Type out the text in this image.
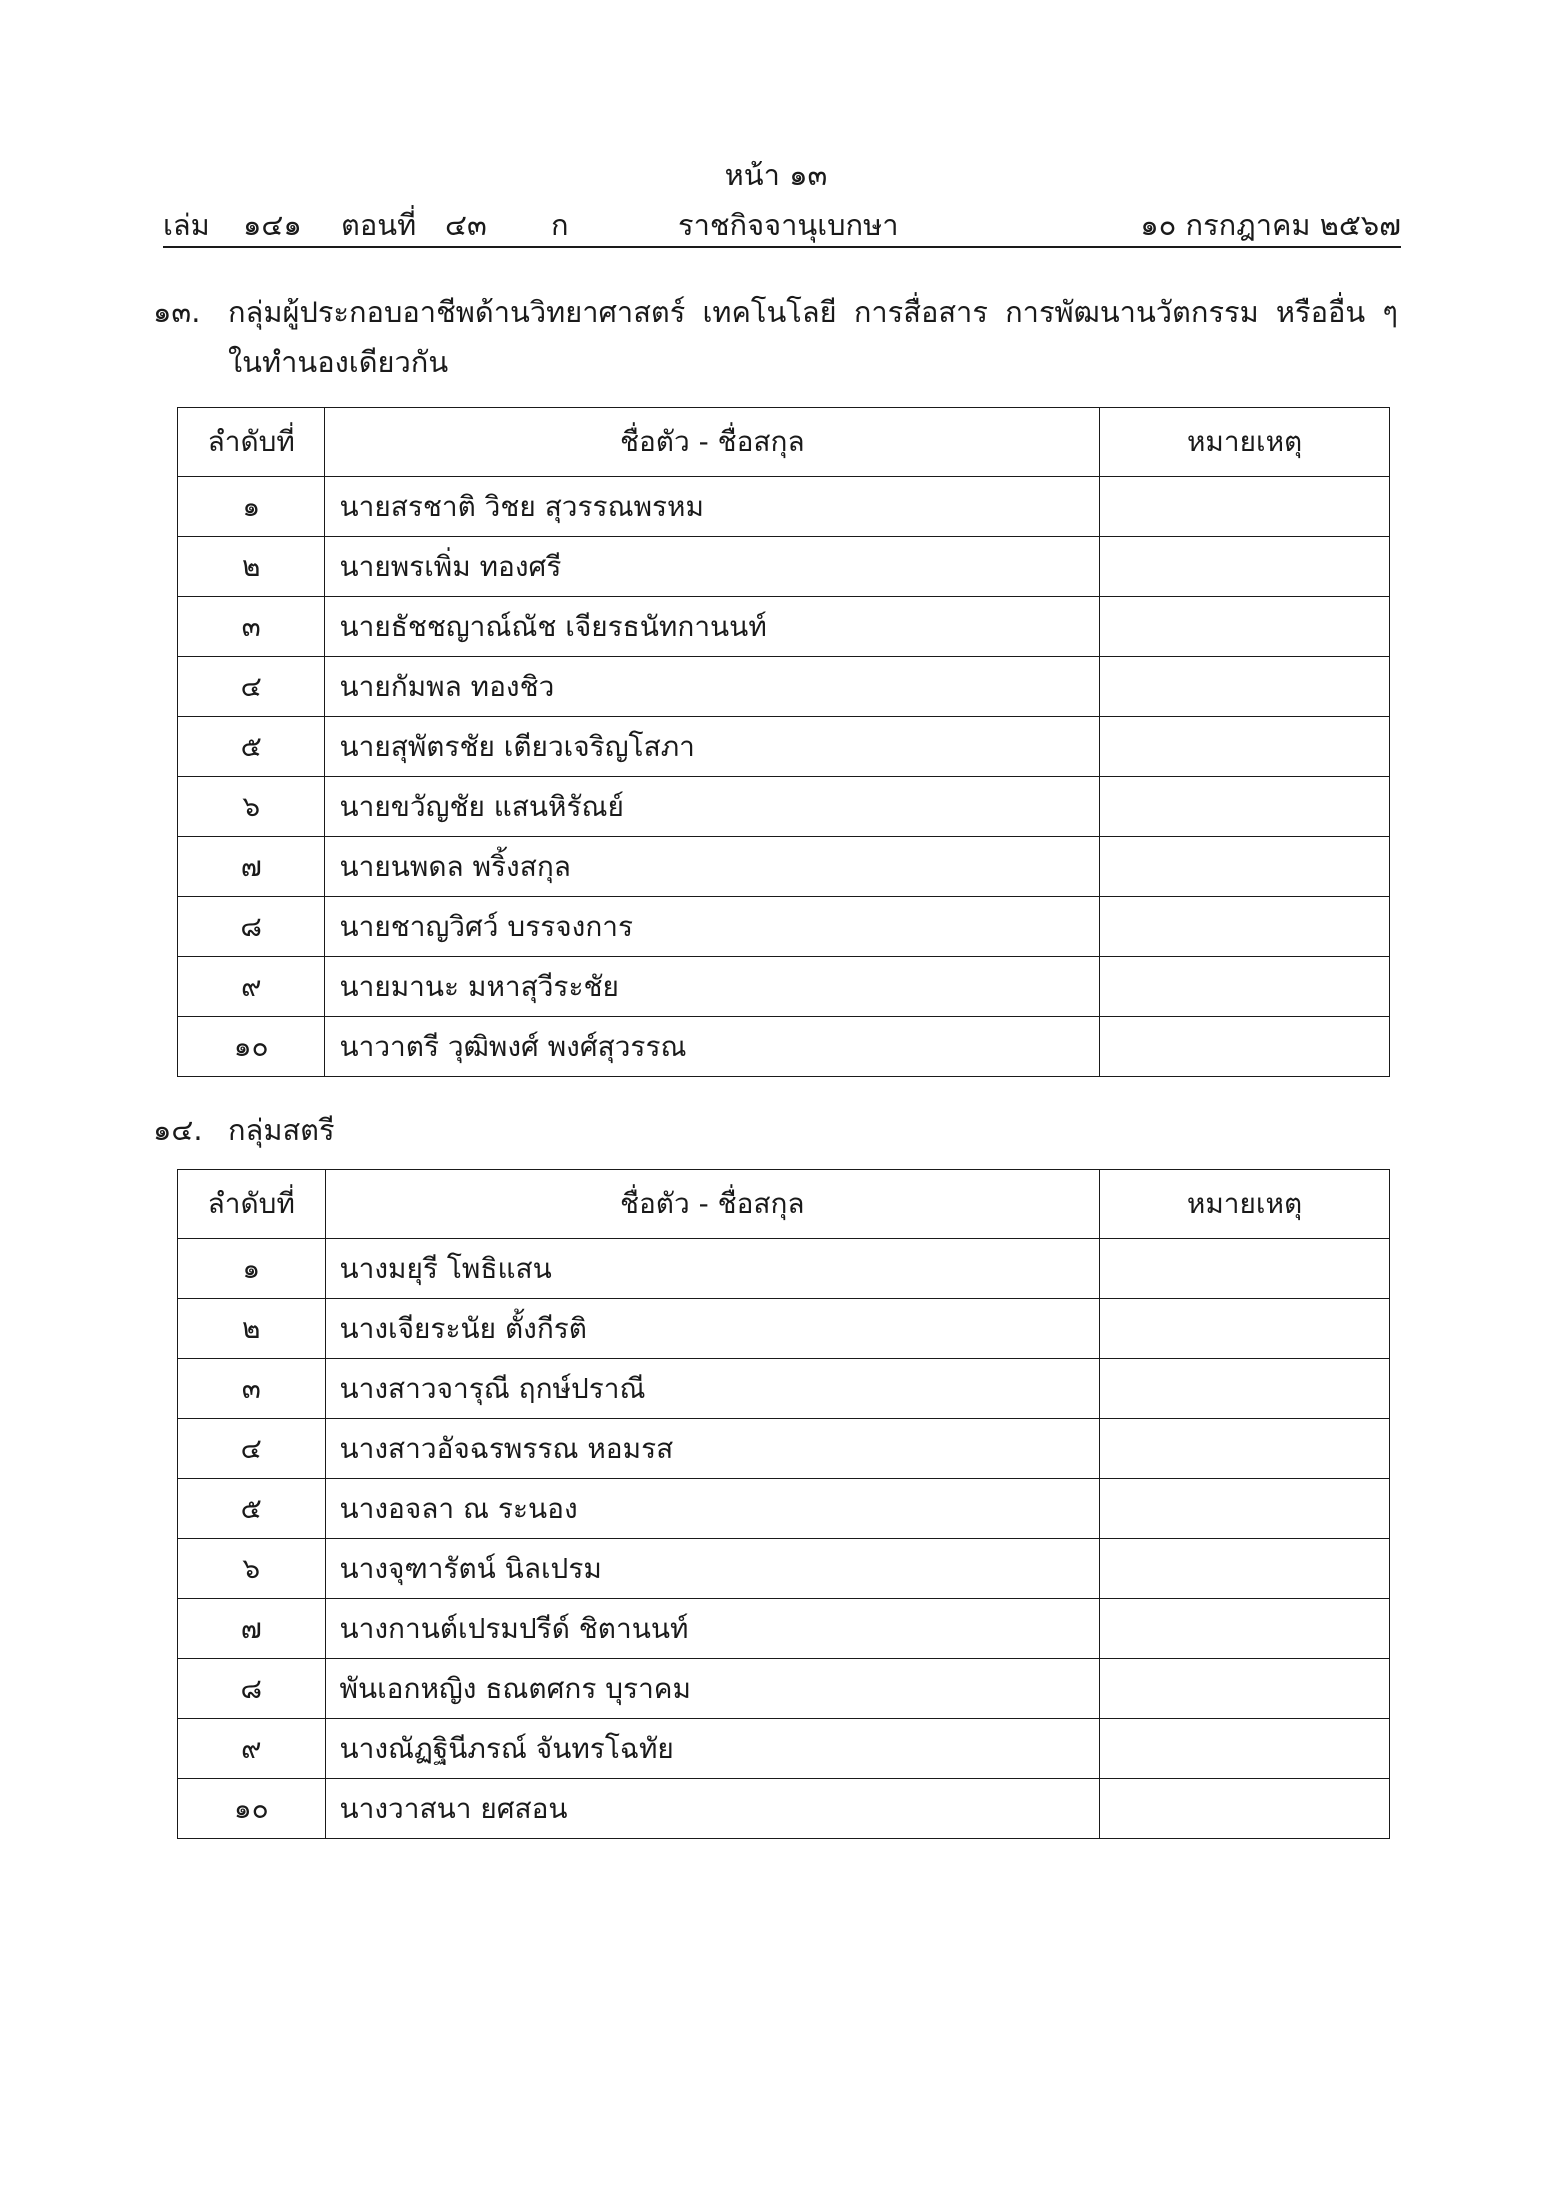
หน้า ๑๓
เล่ม ๑๔๑ ตอนที่ ๔๓ ก	ราชกิจจานุเบกษา	๑๐ กรกฎาคม ๒๕๖๗
๑๓. กลุ่มผู้ประกอบอาชีพด้านวิทยาศาสตร์ เทคโนโลยี การสื่อสาร การพัฒนานวัตกรรม หรืออื่น ๆ ในทำนองเดียวกัน
ลำดับที่	ชื่อตัว - ชื่อสกุล	หมายเหตุ
๑	นายสรชาติ วิชย สุวรรณพรหม	
๒	นายพรเพิ่ม ทองศรี	
๓	นายธัชชญาณ์ณัช เจียรธนัทกานนท์	
๔	นายกัมพล ทองชิว	
๕	นายสุพัตรชัย เตียวเจริญโสภา	
๖	นายขวัญชัย แสนหิรัณย์	
๗	นายนพดล พริ้งสกุล	
๘	นายชาญวิศว์ บรรจงการ	
๙	นายมานะ มหาสุวีระชัย	
๑๐	นาวาตรี วุฒิพงศ์ พงศ์สุวรรณ	
๑๔. กลุ่มสตรี
ลำดับที่	ชื่อตัว - ชื่อสกุล	หมายเหตุ
๑	นางมยุรี โพธิแสน	
๒	นางเจียระนัย ตั้งกีรติ	
๓	นางสาวจารุณี ฤกษ์ปราณี	
๔	นางสาวอัจฉรพรรณ หอมรส	
๕	นางอจลา ณ ระนอง	
๖	นางจุฑารัตน์ นิลเปรม	
๗	นางกานต์เปรมปรีด์ ชิตานนท์	
๘	พันเอกหญิง ธณตศกร บุราคม	
๙	นางณัฏฐินีภรณ์ จันทรโฉทัย	
๑๐	นางวาสนา ยศสอน	
